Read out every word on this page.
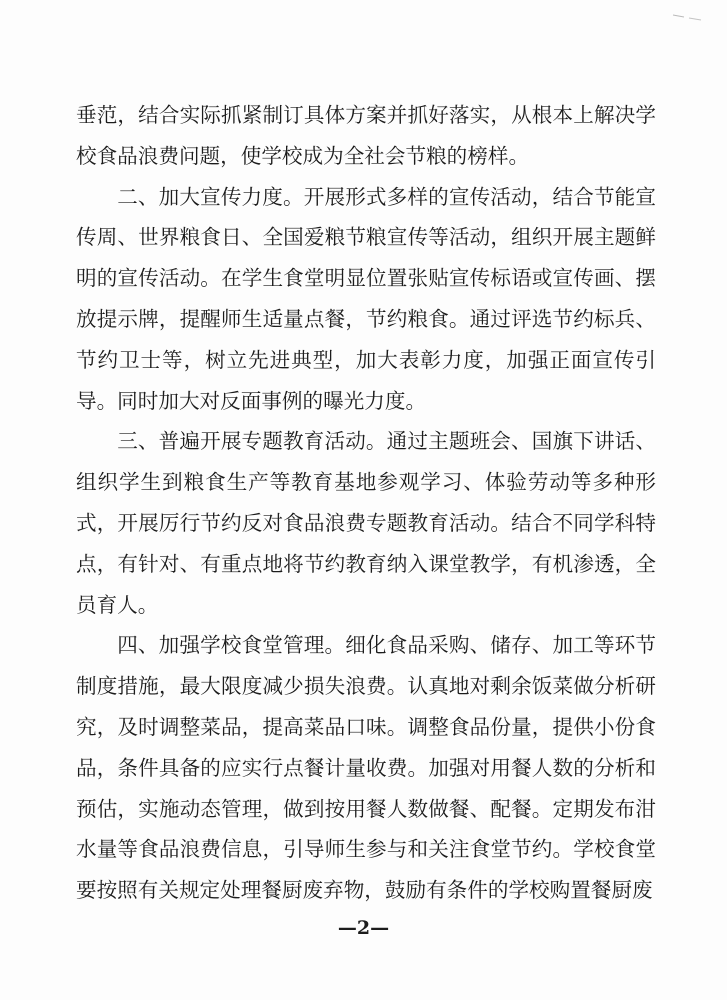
垂范，结合实际抓紧制订具体方案并抓好落实，从根本上解决学校食品浪费问题，使学校成为全社会节粮的榜样。

二、加大宣传力度。开展形式多样的宣传活动，结合节能宣传周、世界粮食日、全国爱粮节粮宣传等活动，组织开展主题鲜明的宣传活动。在学生食堂明显位置张贴宣传标语或宣传画、摆放提示牌，提醒师生适量点餐，节约粮食。通过评选节约标兵、节约卫士等，树立先进典型，加大表彰力度，加强正面宣传引导。同时加大对反面事例的曝光力度。

三、普遍开展专题教育活动。通过主题班会、国旗下讲话、组织学生到粮食生产等教育基地参观学习、体验劳动等多种形式，开展厉行节约反对食品浪费专题教育活动。结合不同学科特点，有针对、有重点地将节约教育纳入课堂教学，有机渗透，全员育人。

四、加强学校食堂管理。细化食品采购、储存、加工等环节制度措施，最大限度减少损失浪费。认真地对剩余饭菜做分析研究，及时调整菜品，提高菜品口味。调整食品份量，提供小份食品，条件具备的应实行点餐计量收费。加强对用餐人数的分析和预估，实施动态管理，做到按用餐人数做餐、配餐。定期发布泔水量等食品浪费信息，引导师生参与和关注食堂节约。学校食堂要按照有关规定处理餐厨废弃物，鼓励有条件的学校购置餐厨废

—2—
